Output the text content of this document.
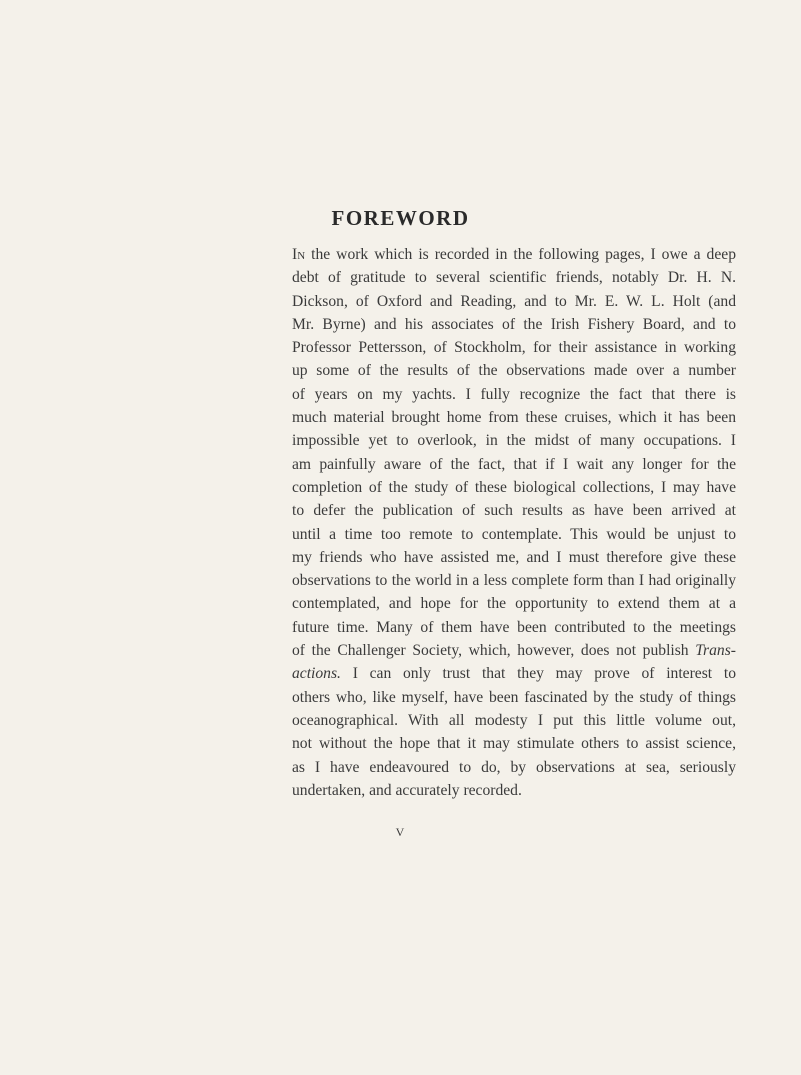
FOREWORD
In the work which is recorded in the following pages, I owe a deep
debt of gratitude to several scientific friends, notably Dr. H. N.
Dickson, of Oxford and Reading, and to Mr. E. W. L. Holt (and
Mr. Byrne) and his associates of the Irish Fishery Board, and to
Professor Pettersson, of Stockholm, for their assistance in working
up some of the results of the observations made over a number
of years on my yachts. I fully recognize the fact that there is
much material brought home from these cruises, which it has been
impossible yet to overlook, in the midst of many occupations. I
am painfully aware of the fact, that if I wait any longer for the
completion of the study of these biological collections, I may have
to defer the publication of such results as have been arrived at
until a time too remote to contemplate. This would be unjust to
my friends who have assisted me, and I must therefore give these
observations to the world in a less complete form than I had originally
contemplated, and hope for the opportunity to extend them at a
future time. Many of them have been contributed to the meetings
of the Challenger Society, which, however, does not publish Trans-
actions. I can only trust that they may prove of interest to
others who, like myself, have been fascinated by the study of things
oceanographical. With all modesty I put this little volume out,
not without the hope that it may stimulate others to assist science,
as I have endeavoured to do, by observations at sea, seriously
undertaken, and accurately recorded.
V
